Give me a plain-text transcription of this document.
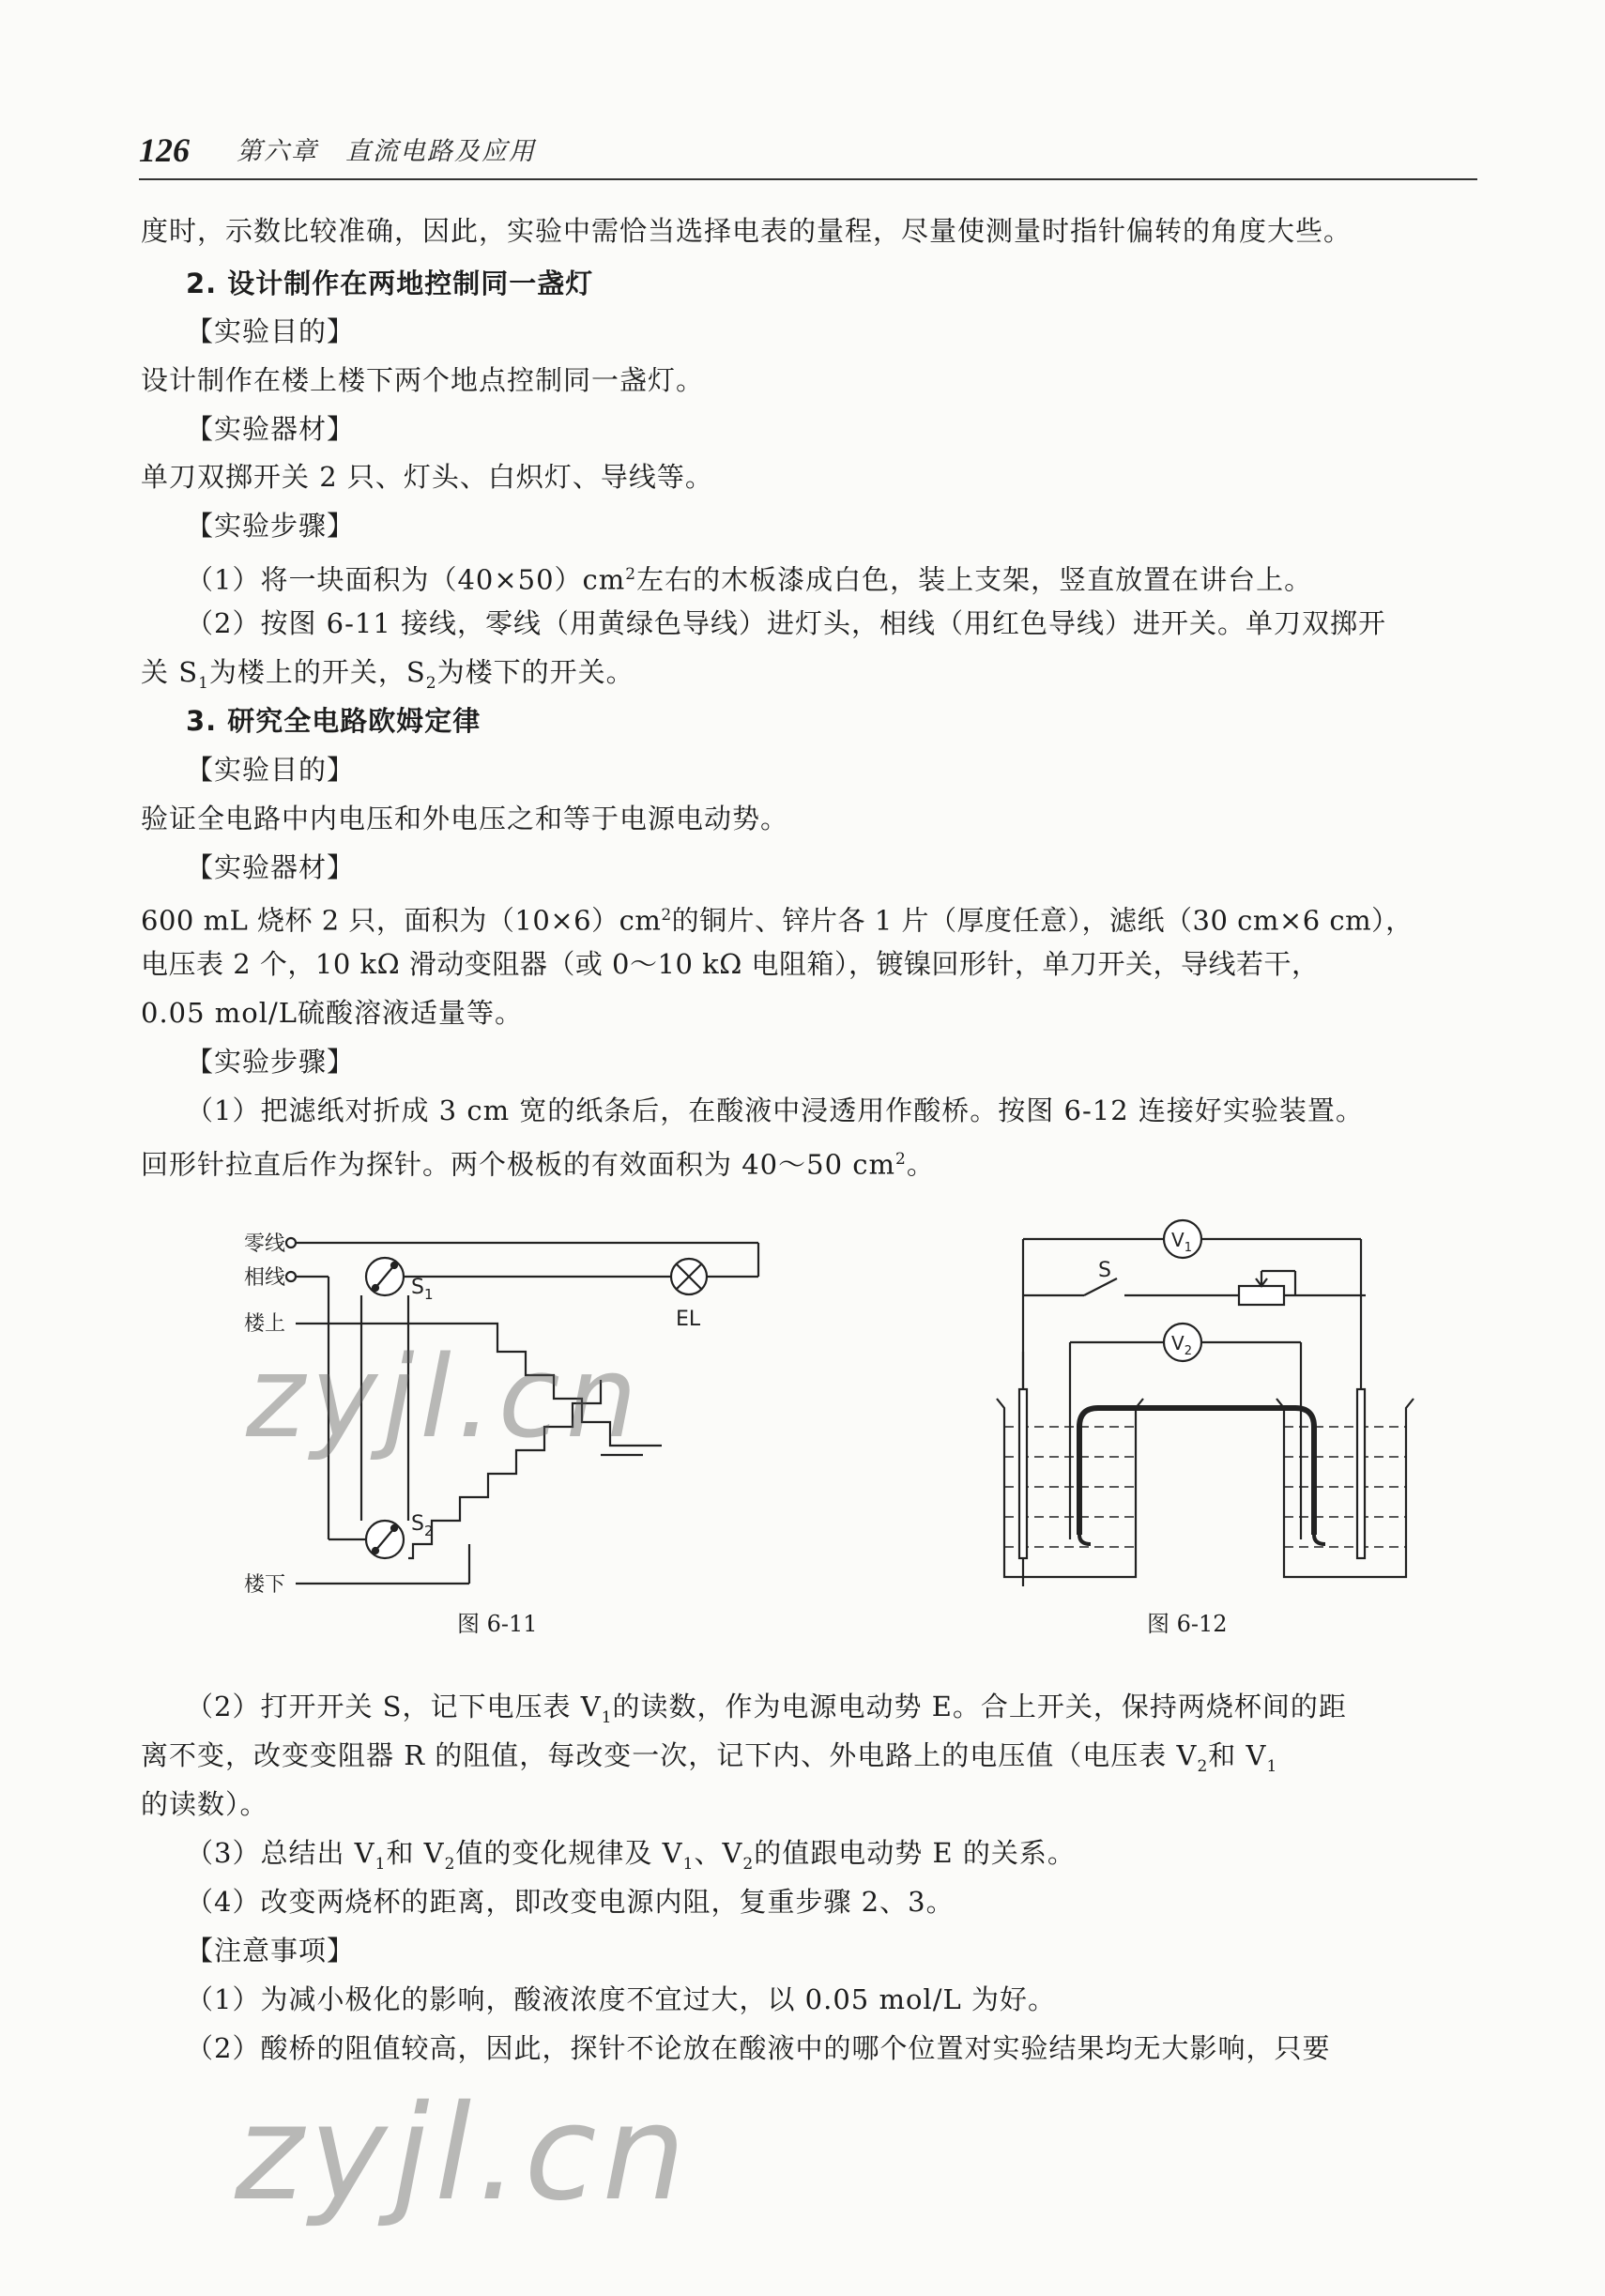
126 第六章　直流电路及应用
度时，示数比较准确，因此，实验中需恰当选择电表的量程，尽量使测量时指针偏转的角度大些。
2. 设计制作在两地控制同一盏灯
【实验目的】
设计制作在楼上楼下两个地点控制同一盏灯。
【实验器材】
单刀双掷开关 2 只、灯头、白炽灯、导线等。
【实验步骤】
（1）将一块面积为$(40\times 50)cm^2$左右的木板漆成白色，装上支架，竖直放置在讲台上。
（2）按图 6-11 接线，零线（用黄绿色导线）进灯头，相线（用红色导线）进开关。单刀双掷开
关 $S_1$为楼上的开关，$S_2$为楼下的开关。
3. 研究全电路欧姆定律
【实验目的】
验证全电路中内电压和外电压之和等于电源电动势。
【实验器材】
600 mL 烧杯 2 只，面积为$(10\times 6)cm^2$的铜片、锌片各 1 片（厚度任意），滤纸（30 cm×6 cm），
电压表 2 个，10 kΩ 滑动变阻器（或 0～10 kΩ 电阻箱），镀镍回形针，单刀开关，导线若干，
0.05 mol/L硫酸溶液适量等。
【实验步骤】
（1）把滤纸对折成 3 cm 宽的纸条后，在酸液中浸透用作酸桥。按图 6-12 连接好实验装置。
回形针拉直后作为探针。两个极板的有效面积为 40～50 $cm^2$。
零线
相线
楼上
楼下
$S_1$
$S_2$
EL
图 6-11
$V_1$
$V_2$
S
图 6-12
（2）打开开关 S，记下电压表 $V_1$的读数，作为电源电动势 E。合上开关，保持两烧杯间的距
离不变，改变变阻器 R 的阻值，每改变一次，记下内、外电路上的电压值（电压表 $V_2$和 $V_1$
的读数）。
（3）总结出 $V_1$和 $V_2$值的变化规律及 $V_1$、$V_2$的值跟电动势 E 的关系。
（4）改变两烧杯的距离，即改变电源内阻，复重步骤 2、3。
【注意事项】
（1）为减小极化的影响，酸液浓度不宜过大，以 0.05 mol/L 为好。
（2）酸桥的阻值较高，因此，探针不论放在酸液中的哪个位置对实验结果均无大影响，只要
zyjl.cn
zyjl.cn
